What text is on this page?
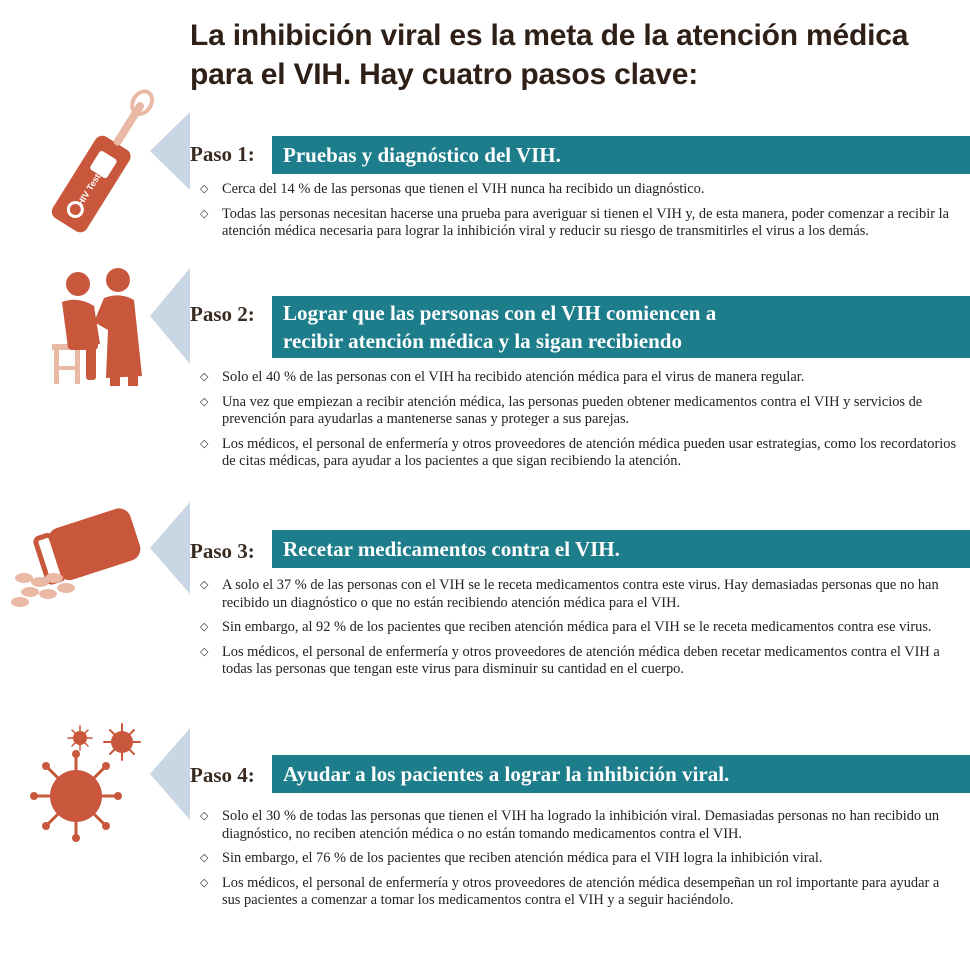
La inhibición viral es la meta de la atención médica para el VIH. Hay cuatro pasos clave:
HIV Test
Paso 1:	Pruebas y diagnóstico del VIH.
◇ Cerca del 14 % de las personas que tienen el VIH nunca ha recibido un diagnóstico.
◇ Todas las personas necesitan hacerse una prueba para averiguar si tienen el VIH y, de esta manera, poder comenzar a recibir la atención médica necesaria para lograr la inhibición viral y reducir su riesgo de transmitirles el virus a los demás.
Paso 2: Lograr que las personas con el VIH comiencen a
recibir atención médica y la sigan recibiendo
◇ Solo el 40 % de las personas con el VIH ha recibido atención médica para el virus de manera regular.
◇ Una vez que empiezan a recibir atención médica, las personas pueden obtener medicamentos contra el VIH y servicios de prevención para ayudarlas a mantenerse sanas y proteger a sus parejas.
◇ Los médicos, el personal de enfermería y otros proveedores de atención médica pueden usar estrategias, como los recordatorios de citas médicas, para ayudar a los pacientes a que sigan recibiendo la atención.
Paso 3:	Recetar medicamentos contra el VIH.
◇ A solo el 37 % de las personas con el VIH se le receta medicamentos contra este virus. Hay demasiadas personas que no han recibido un diagnóstico o que no están recibiendo atención médica para el VIH.
◇ Sin embargo, al 92 % de los pacientes que reciben atención médica para el VIH se le receta medicamentos contra ese virus.
◇ Los médicos, el personal de enfermería y otros proveedores de atención médica deben recetar medicamentos contra el VIH a todas las personas que tengan este virus para disminuir su cantidad en el cuerpo.
Paso 4:	Ayudar a los pacientes a lograr la inhibición viral.
◇ Solo el 30 % de todas las personas que tienen el VIH ha logrado la inhibición viral. Demasiadas personas no han recibido un diagnóstico, no reciben atención médica o no están tomando medicamentos contra el VIH.
◇ Sin embargo, el 76 % de los pacientes que reciben atención médica para el VIH logra la inhibición viral.
◇ Los médicos, el personal de enfermería y otros proveedores de atención médica desempeñan un rol importante para ayudar a sus pacientes a comenzar a tomar los medicamentos contra el VIH y a seguir haciéndolo.
